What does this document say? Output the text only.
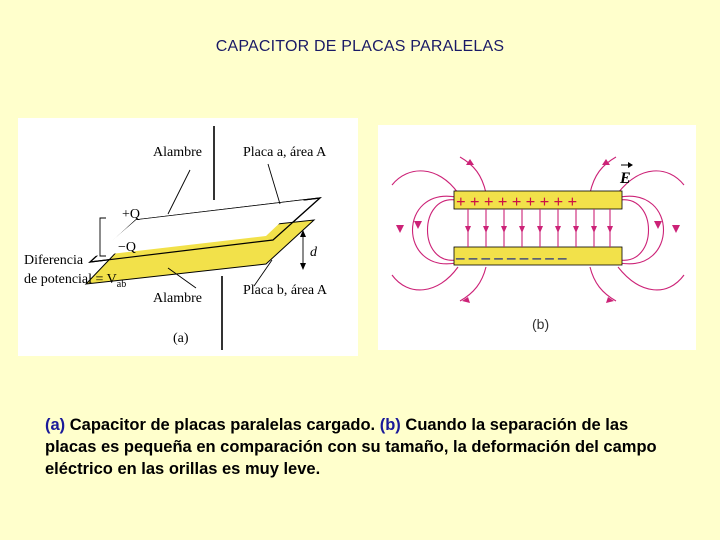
CAPACITOR DE PLACAS PARALELAS
Alambre	Placa a, área A
+Q
−Q
Diferencia
de potencial = $V_{ab}$
d
Alambre
Placa b, área A
(a)
+ + + + + + + + +
– – – – – – – – –
E
(b)
(a) Capacitor de placas paralelas cargado. (b) Cuando la separación de las placas es pequeña en comparación con su tamaño, la deformación del campo eléctrico en las orillas es muy leve.
